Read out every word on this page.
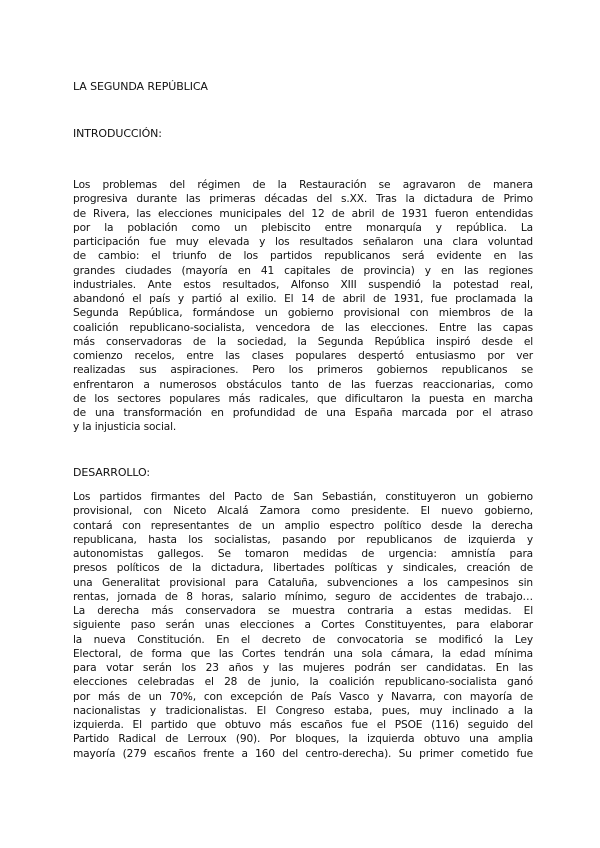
LA SEGUNDA REPÚBLICA
INTRODUCCIÓN:
Los problemas del régimen de la Restauración se agravaron de manera
progresiva durante las primeras décadas del s.XX. Tras la dictadura de Primo
de Rivera, las elecciones municipales del 12 de abril de 1931 fueron entendidas
por la población como un plebiscito entre monarquía y república. La
participación fue muy elevada y los resultados señalaron una clara voluntad
de cambio: el triunfo de los partidos republicanos será evidente en las
grandes ciudades (mayoría en 41 capitales de provincia) y en las regiones
industriales. Ante estos resultados, Alfonso XIII suspendió la potestad real,
abandonó el país y partió al exilio. El 14 de abril de 1931, fue proclamada la
Segunda República, formándose un gobierno provisional con miembros de la
coalición republicano-socialista, vencedora de las elecciones. Entre las capas
más conservadoras de la sociedad, la Segunda República inspiró desde el
comienzo recelos, entre las clases populares despertó entusiasmo por ver
realizadas sus aspiraciones. Pero los primeros gobiernos republicanos se
enfrentaron a numerosos obstáculos tanto de las fuerzas reaccionarias, como
de los sectores populares más radicales, que dificultaron la puesta en marcha
de una transformación en profundidad de una España marcada por el atraso
y la injusticia social.
DESARROLLO:
Los partidos firmantes del Pacto de San Sebastián, constituyeron un gobierno
provisional, con Niceto Alcalá Zamora como presidente. El nuevo gobierno,
contará con representantes de un amplio espectro político desde la derecha
republicana, hasta los socialistas, pasando por republicanos de izquierda y
autonomistas gallegos. Se tomaron medidas de urgencia: amnistía para
presos políticos de la dictadura, libertades políticas y sindicales, creación de
una Generalitat provisional para Cataluña, subvenciones a los campesinos sin
rentas, jornada de 8 horas, salario mínimo, seguro de accidentes de trabajo…
La derecha más conservadora se muestra contraria a estas medidas. El
siguiente paso serán unas elecciones a Cortes Constituyentes, para elaborar
la nueva Constitución. En el decreto de convocatoria se modificó la Ley
Electoral, de forma que las Cortes tendrán una sola cámara, la edad mínima
para votar serán los 23 años y las mujeres podrán ser candidatas. En las
elecciones celebradas el 28 de junio, la coalición republicano-socialista ganó
por más de un 70%, con excepción de País Vasco y Navarra, con mayoría de
nacionalistas y tradicionalistas. El Congreso estaba, pues, muy inclinado a la
izquierda. El partido que obtuvo más escaños fue el PSOE (116) seguido del
Partido Radical de Lerroux (90). Por bloques, la izquierda obtuvo una amplia
mayoría (279 escaños frente a 160 del centro-derecha). Su primer cometido fue
